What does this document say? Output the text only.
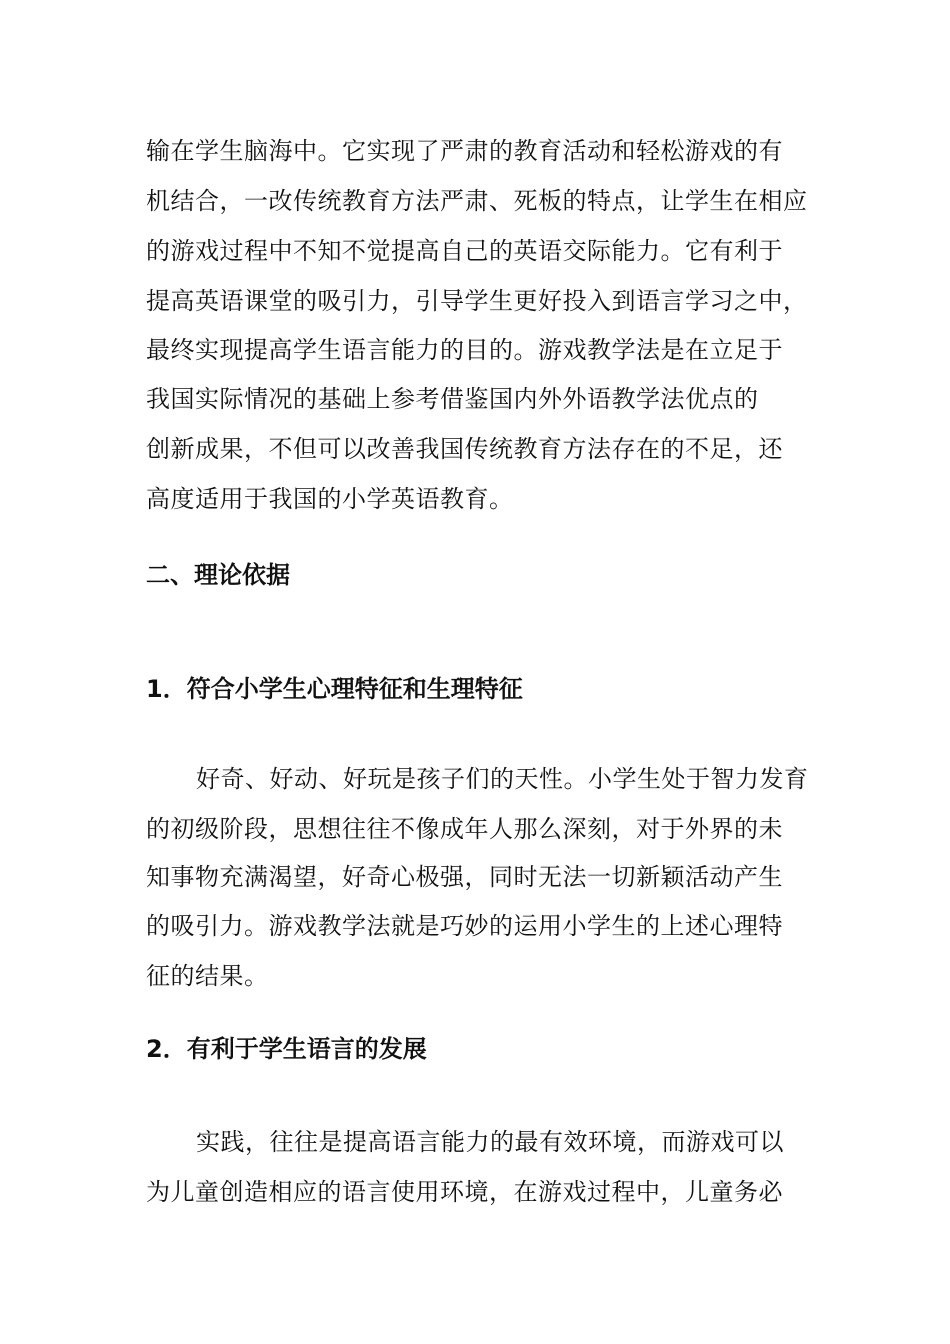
输在学生脑海中。它实现了严肃的教育活动和轻松游戏的有
机结合，一改传统教育方法严肃、死板的特点，让学生在相应
的游戏过程中不知不觉提高自己的英语交际能力。它有利于
提高英语课堂的吸引力，引导学生更好投入到语言学习之中，
最终实现提高学生语言能力的目的。游戏教学法是在立足于
我国实际情况的基础上参考借鉴国内外外语教学法优点的
创新成果，不但可以改善我国传统教育方法存在的不足，还
高度适用于我国的小学英语教育。
二、理论依据
1．符合小学生心理特征和生理特征
好奇、好动、好玩是孩子们的天性。小学生处于智力发育
的初级阶段，思想往往不像成年人那么深刻，对于外界的未
知事物充满渴望，好奇心极强，同时无法一切新颖活动产生
的吸引力。游戏教学法就是巧妙的运用小学生的上述心理特
征的结果。
2．有利于学生语言的发展
实践，往往是提高语言能力的最有效环境，而游戏可以
为儿童创造相应的语言使用环境，在游戏过程中，儿童务必
